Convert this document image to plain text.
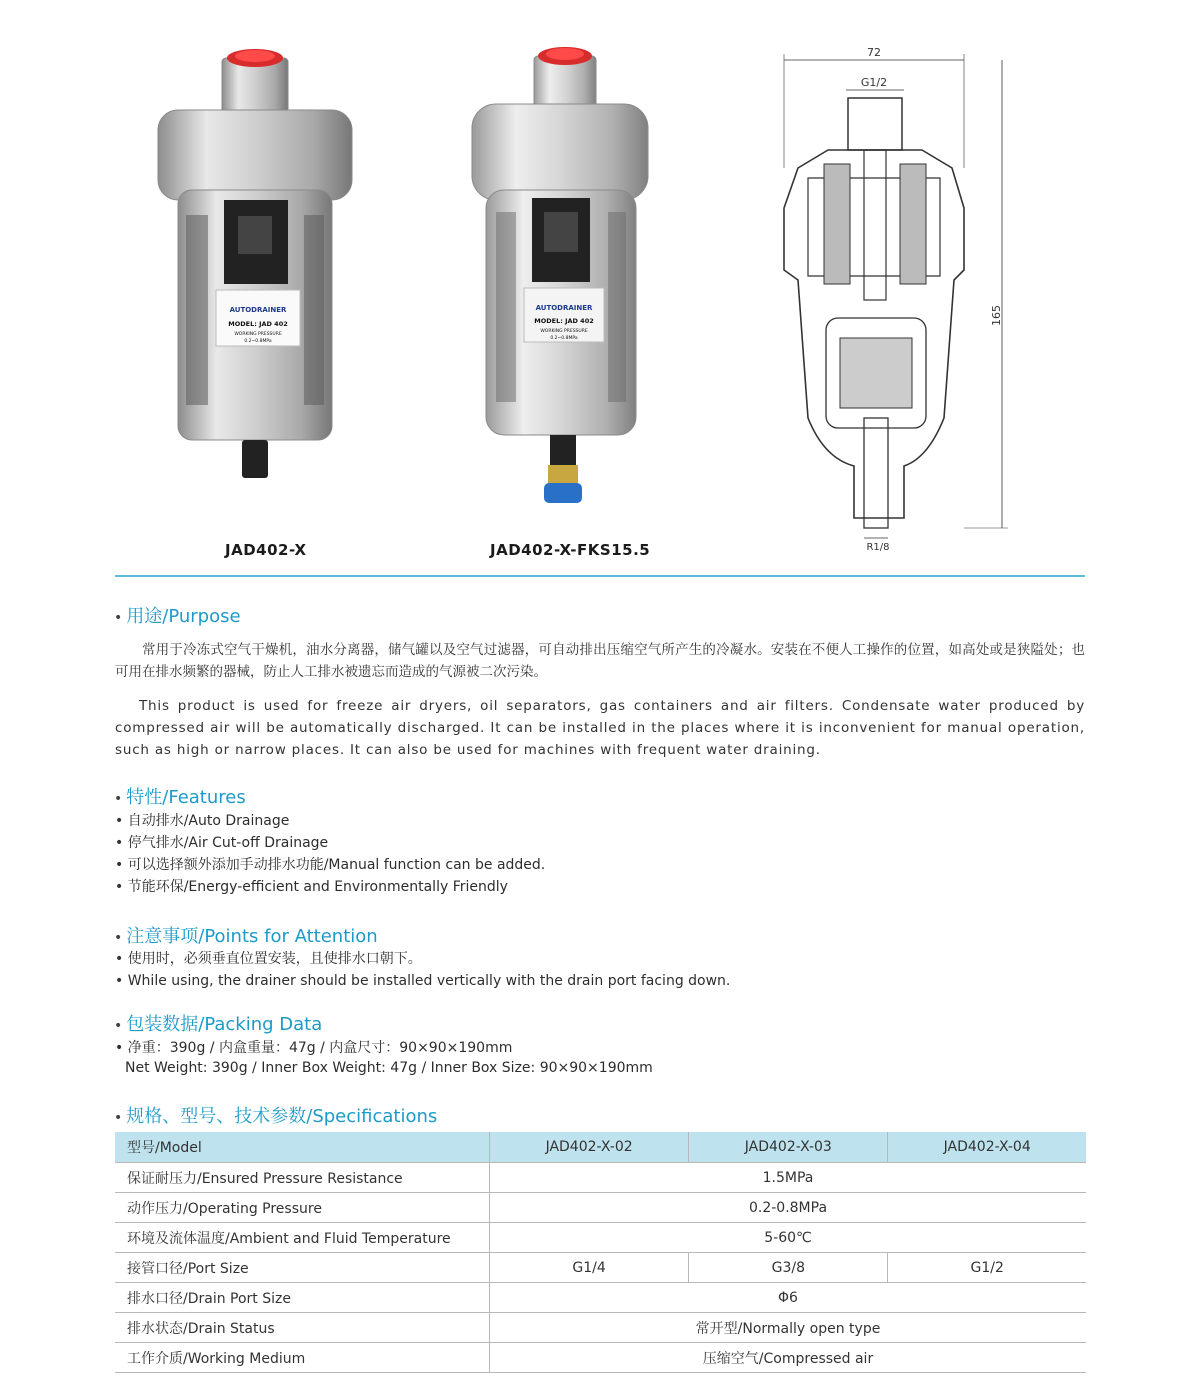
AUTODRAINER
MODEL: JAD 402
WORKING PRESSURE
0.2~0.8MPa
AUTODRAINER
MODEL: JAD 402
WORKING PRESSURE
0.2~0.8MPa
72
G1/2
165
R1/8
JAD402-X	JAD402-X-FKS15.5
• 用途/Purpose
常用于冷冻式空气干燥机，油水分离器，储气罐以及空气过滤器，可自动排出压缩空气所产生的冷凝水。安装在不便人工操作的位置，如高处或是狭隘处；也可用在排水频繁的器械，防止人工排水被遗忘而造成的气源被二次污染。
This product is used for freeze air dryers, oil separators, gas containers and air filters. Condensate water produced by compressed air will be automatically discharged. It can be installed in the places where it is inconvenient for manual operation, such as high or narrow places. It can also be used for machines with frequent water draining.
• 特性/Features
• 自动排水/Auto Drainage
• 停气排水/Air Cut-off Drainage
• 可以选择额外添加手动排水功能/Manual function can be added.
• 节能环保/Energy-efficient and Environmentally Friendly
• 注意事项/Points for Attention
• 使用时，必须垂直位置安装，且使排水口朝下。
• While using, the drainer should be installed vertically with the drain port facing down.
• 包装数据/Packing Data
• 净重：390g / 内盒重量：47g / 内盒尺寸：90×90×190mm
Net Weight: 390g / Inner Box Weight: 47g / Inner Box Size: 90×90×190mm
• 规格、型号、技术参数/Specifications
型号/Model	JAD402-X-02	JAD402-X-03	JAD402-X-04
保证耐压力/Ensured Pressure Resistance	1.5MPa		
动作压力/Operating Pressure	0.2-0.8MPa		
环境及流体温度/Ambient and Fluid Temperature	5-60℃		
接管口径/Port Size	G1/4	G3/8	G1/2
排水口径/Drain Port Size	Φ6		
排水状态/Drain Status	常开型/Normally open type		
工作介质/Working Medium	压缩空气/Compressed air		
